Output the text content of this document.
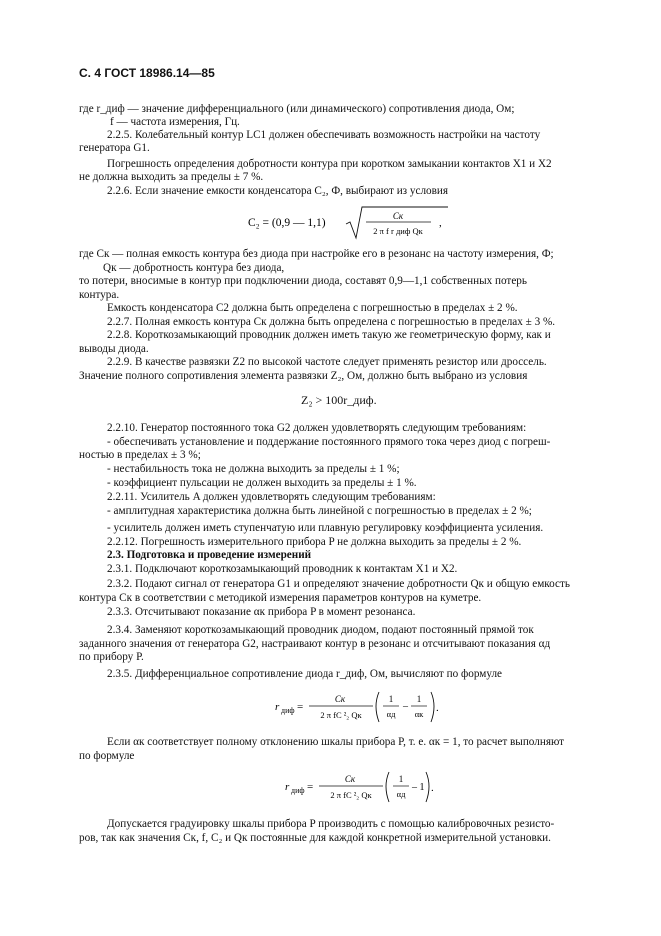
С. 4 ГОСТ 18986.14—85
где r_диф — значение дифференциального (или динамического) сопротивления диода, Ом;
f — частота измерения, Гц.
2.2.5. Колебательный контур LC1 должен обеспечивать возможность настройки на частоту
генератора G1.
Погрешность определения добротности контура при коротком замыкании контактов X1 и X2
не должна выходить за пределы ± 7 %.
2.2.6. Если значение емкости конденсатора C₂, Ф, выбирают из условия
C₂ = (0,9 — 1,1)
Cк
2 π f r диф Qк
,
где Cк — полная емкость контура без диода при настройке его в резонанс на частоту измерения, Ф;
Qк — добротность контура без диода,
то потери, вносимые в контур при подключении диода, составят 0,9—1,1 собственных потерь
контура.
Емкость конденсатора C2 должна быть определена с погрешностью в пределах ± 2 %.
2.2.7. Полная емкость контура Cк должна быть определена с погрешностью в пределах ± 3 %.
2.2.8. Короткозамыкающий проводник должен иметь такую же геометрическую форму, как и
выводы диода.
2.2.9. В качестве развязки Z2 по высокой частоте следует применять резистор или дроссель.
Значение полного сопротивления элемента развязки Z₂, Ом, должно быть выбрано из условия
Z₂ > 100r_диф.
2.2.10. Генератор постоянного тока G2 должен удовлетворять следующим требованиям:
- обеспечивать установление и поддержание постоянного прямого тока через диод с погреш-
ностью в пределах ± 3 %;
- нестабильность тока не должна выходить за пределы ± 1 %;
- коэффициент пульсации не должен выходить за пределы ± 1 %.
2.2.11. Усилитель A должен удовлетворять следующим требованиям:
- амплитудная характеристика должна быть линейной с погрешностью в пределах ± 2 %;
- усилитель должен иметь ступенчатую или плавную регулировку коэффициента усиления.
2.2.12. Погрешность измерительного прибора P не должна выходить за пределы ± 2 %.
2.3. Подготовка и проведение измерений
2.3.1. Подключают короткозамыкающий проводник к контактам X1 и X2.
2.3.2. Подают сигнал от генератора G1 и определяют значение добротности Qк и общую емкость
контура Cк в соответствии с методикой измерения параметров контуров на куметре.
2.3.3. Отсчитывают показание αк прибора P в момент резонанса.
2.3.4. Заменяют короткозамыкающий проводник диодом, подают постоянный прямой ток
заданного значения от генератора G2, настраивают контур в резонанс и отсчитывают показания αд
по прибору P.
2.3.5. Дифференциальное сопротивление диода r_диф, Ом, вычисляют по формуле
r диф =
Cк
2 π fC ²₂ Qк
1
αд
–
1
αк .
Если αк соответствует полному отклонению шкалы прибора P, т. е. αк = 1, то расчет выполняют
по формуле
r диф =
Cк
2 π fC ²₂ Qк
1
αд
– 1 .
Допускается градуировку шкалы прибора P производить с помощью калибровочных резисто-
ров, так как значения Cк, f, C₂ и Qк постоянные для каждой конкретной измерительной установки.
